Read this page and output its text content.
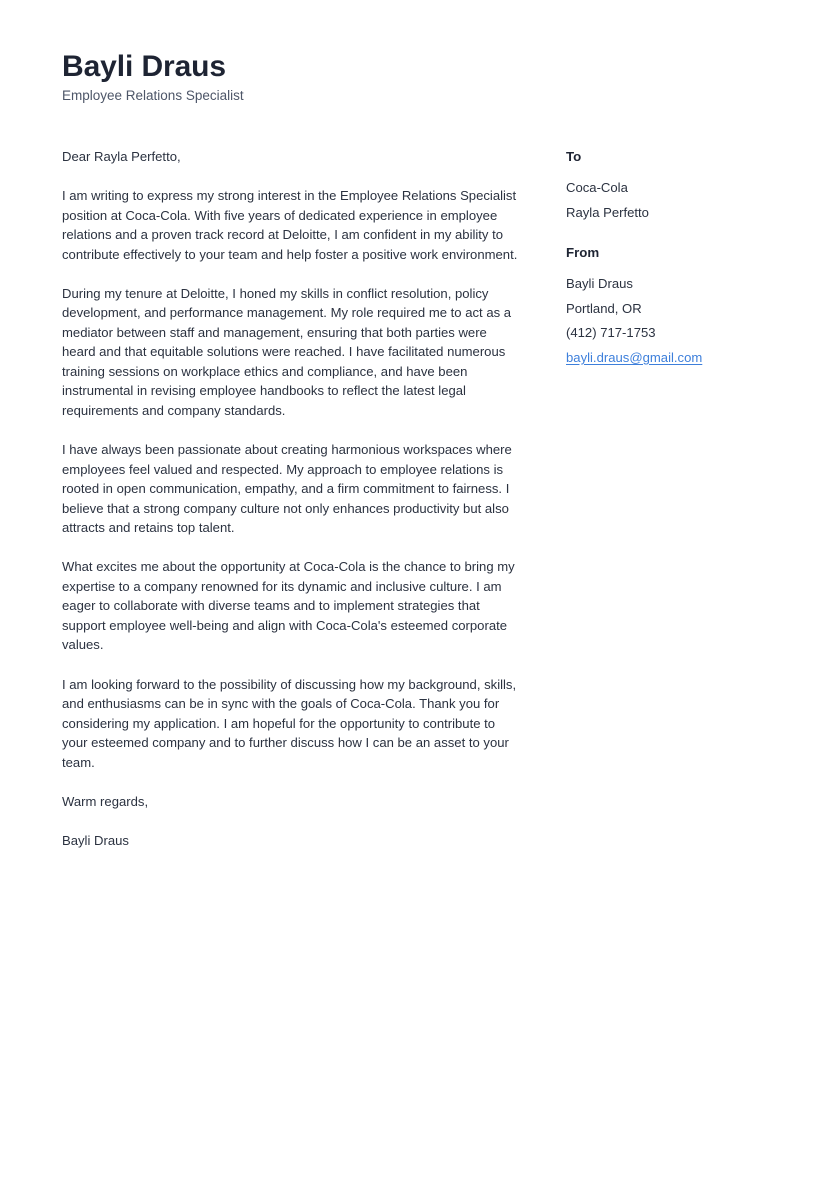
Bayli Draus
Employee Relations Specialist

Dear Rayla Perfetto,

I am writing to express my strong interest in the Employee Relations Specialist position at Coca-Cola. With five years of dedicated experience in employee relations and a proven track record at Deloitte, I am confident in my ability to contribute effectively to your team and help foster a positive work environment.

During my tenure at Deloitte, I honed my skills in conflict resolution, policy development, and performance management. My role required me to act as a mediator between staff and management, ensuring that both parties were heard and that equitable solutions were reached. I have facilitated numerous training sessions on workplace ethics and compliance, and have been instrumental in revising employee handbooks to reflect the latest legal requirements and company standards.

I have always been passionate about creating harmonious workspaces where employees feel valued and respected. My approach to employee relations is rooted in open communication, empathy, and a firm commitment to fairness. I believe that a strong company culture not only enhances productivity but also attracts and retains top talent.

What excites me about the opportunity at Coca-Cola is the chance to bring my expertise to a company renowned for its dynamic and inclusive culture. I am eager to collaborate with diverse teams and to implement strategies that support employee well-being and align with Coca-Cola's esteemed corporate values.

I am looking forward to the possibility of discussing how my background, skills, and enthusiasms can be in sync with the goals of Coca-Cola. Thank you for considering my application. I am hopeful for the opportunity to contribute to your esteemed company and to further discuss how I can be an asset to your team.

Warm regards,

Bayli Draus

To
Coca-Cola
Rayla Perfetto
From
Bayli Draus
Portland, OR
(412) 717-1753
bayli.draus@gmail.com
